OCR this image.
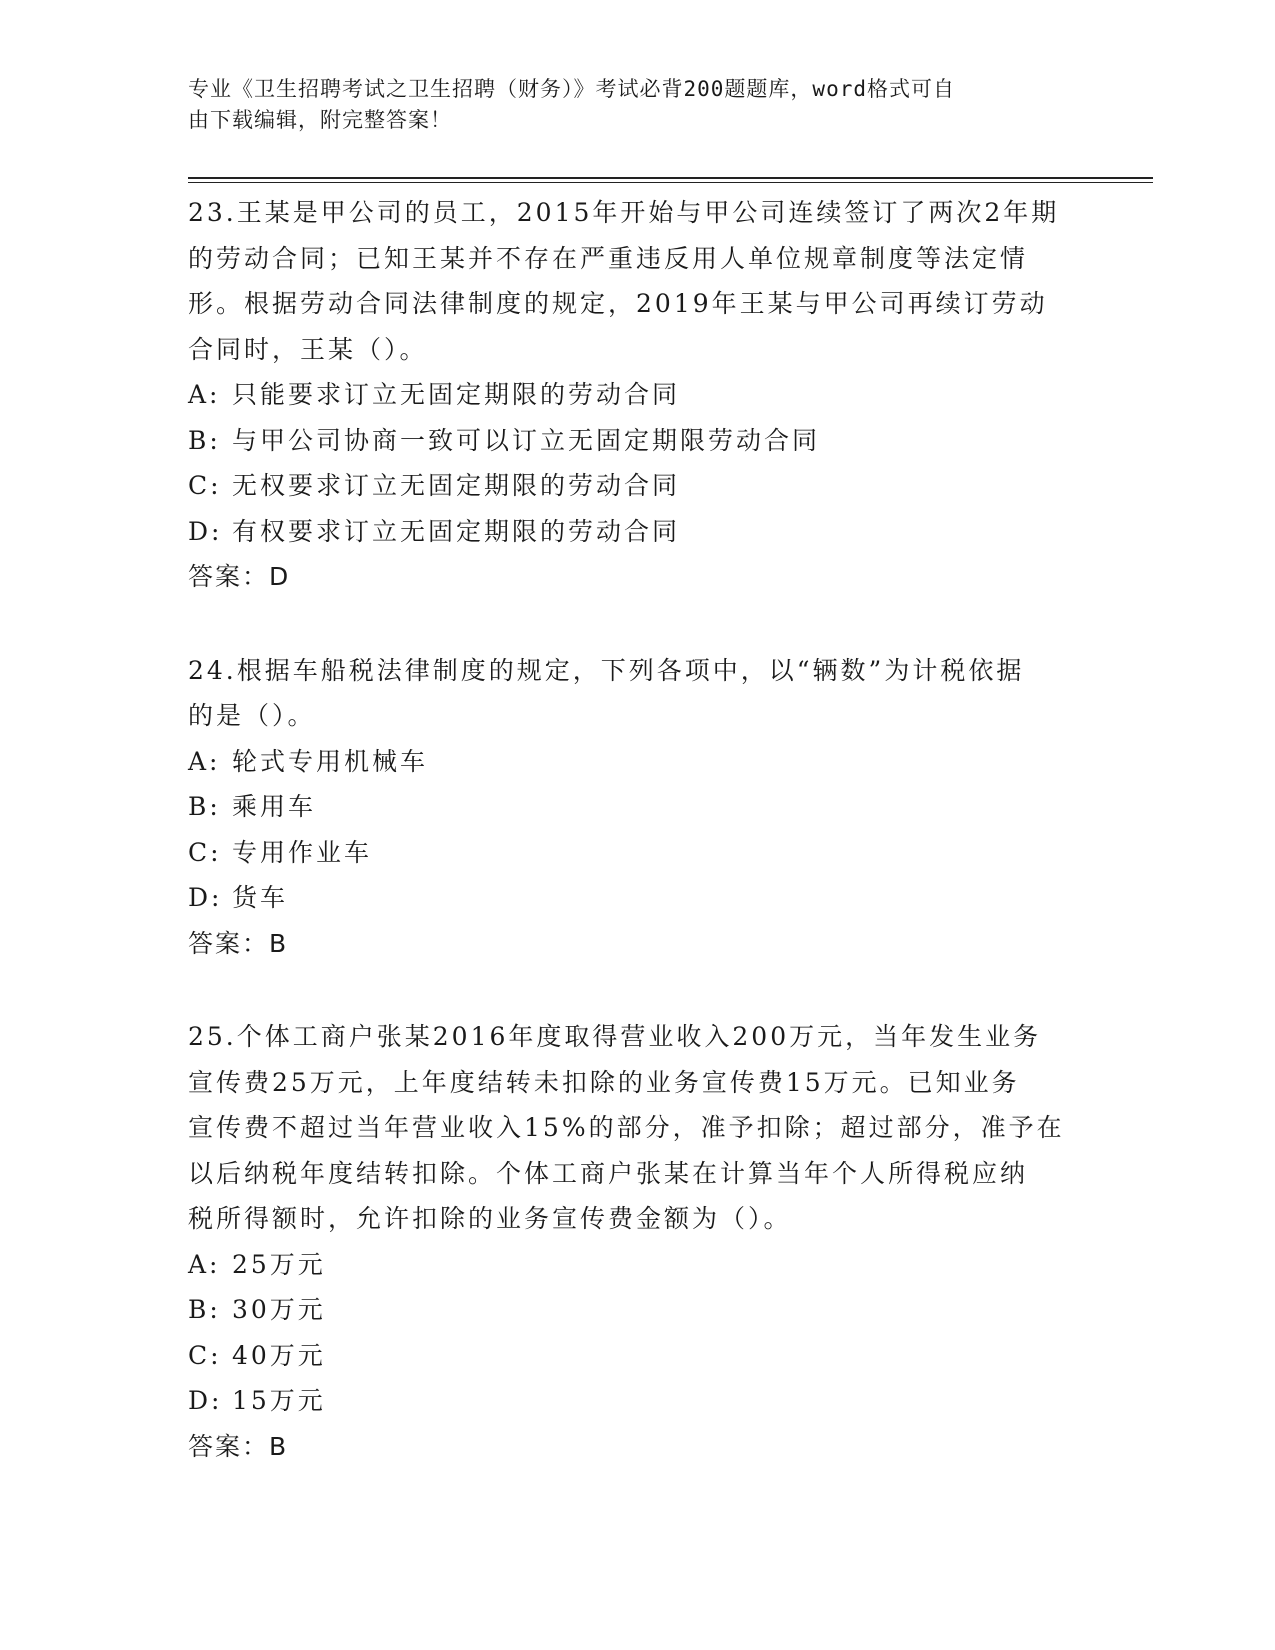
专业《卫生招聘考试之卫生招聘（财务）》考试必背200题题库，word格式可自
由下载编辑，附完整答案！

23.王某是甲公司的员工，2015年开始与甲公司连续签订了两次2年期

的劳动合同；已知王某并不存在严重违反用人单位规章制度等法定情

形。根据劳动合同法律制度的规定，2019年王某与甲公司再续订劳动

合同时，王某（）。

A: 只能要求订立无固定期限的劳动合同

B: 与甲公司协商一致可以订立无固定期限劳动合同

C: 无权要求订立无固定期限的劳动合同

D: 有权要求订立无固定期限的劳动合同

答案：D

24.根据车船税法律制度的规定，下列各项中，以“辆数”为计税依据

的是（）。

A: 轮式专用机械车

B: 乘用车

C: 专用作业车

D: 货车

答案：B

25.个体工商户张某2016年度取得营业收入200万元，当年发生业务

宣传费25万元，上年度结转未扣除的业务宣传费15万元。已知业务

宣传费不超过当年营业收入15%的部分，准予扣除；超过部分，准予在

以后纳税年度结转扣除。个体工商户张某在计算当年个人所得税应纳

税所得额时，允许扣除的业务宣传费金额为（）。

A: 25万元

B: 30万元

C: 40万元

D: 15万元

答案：B
